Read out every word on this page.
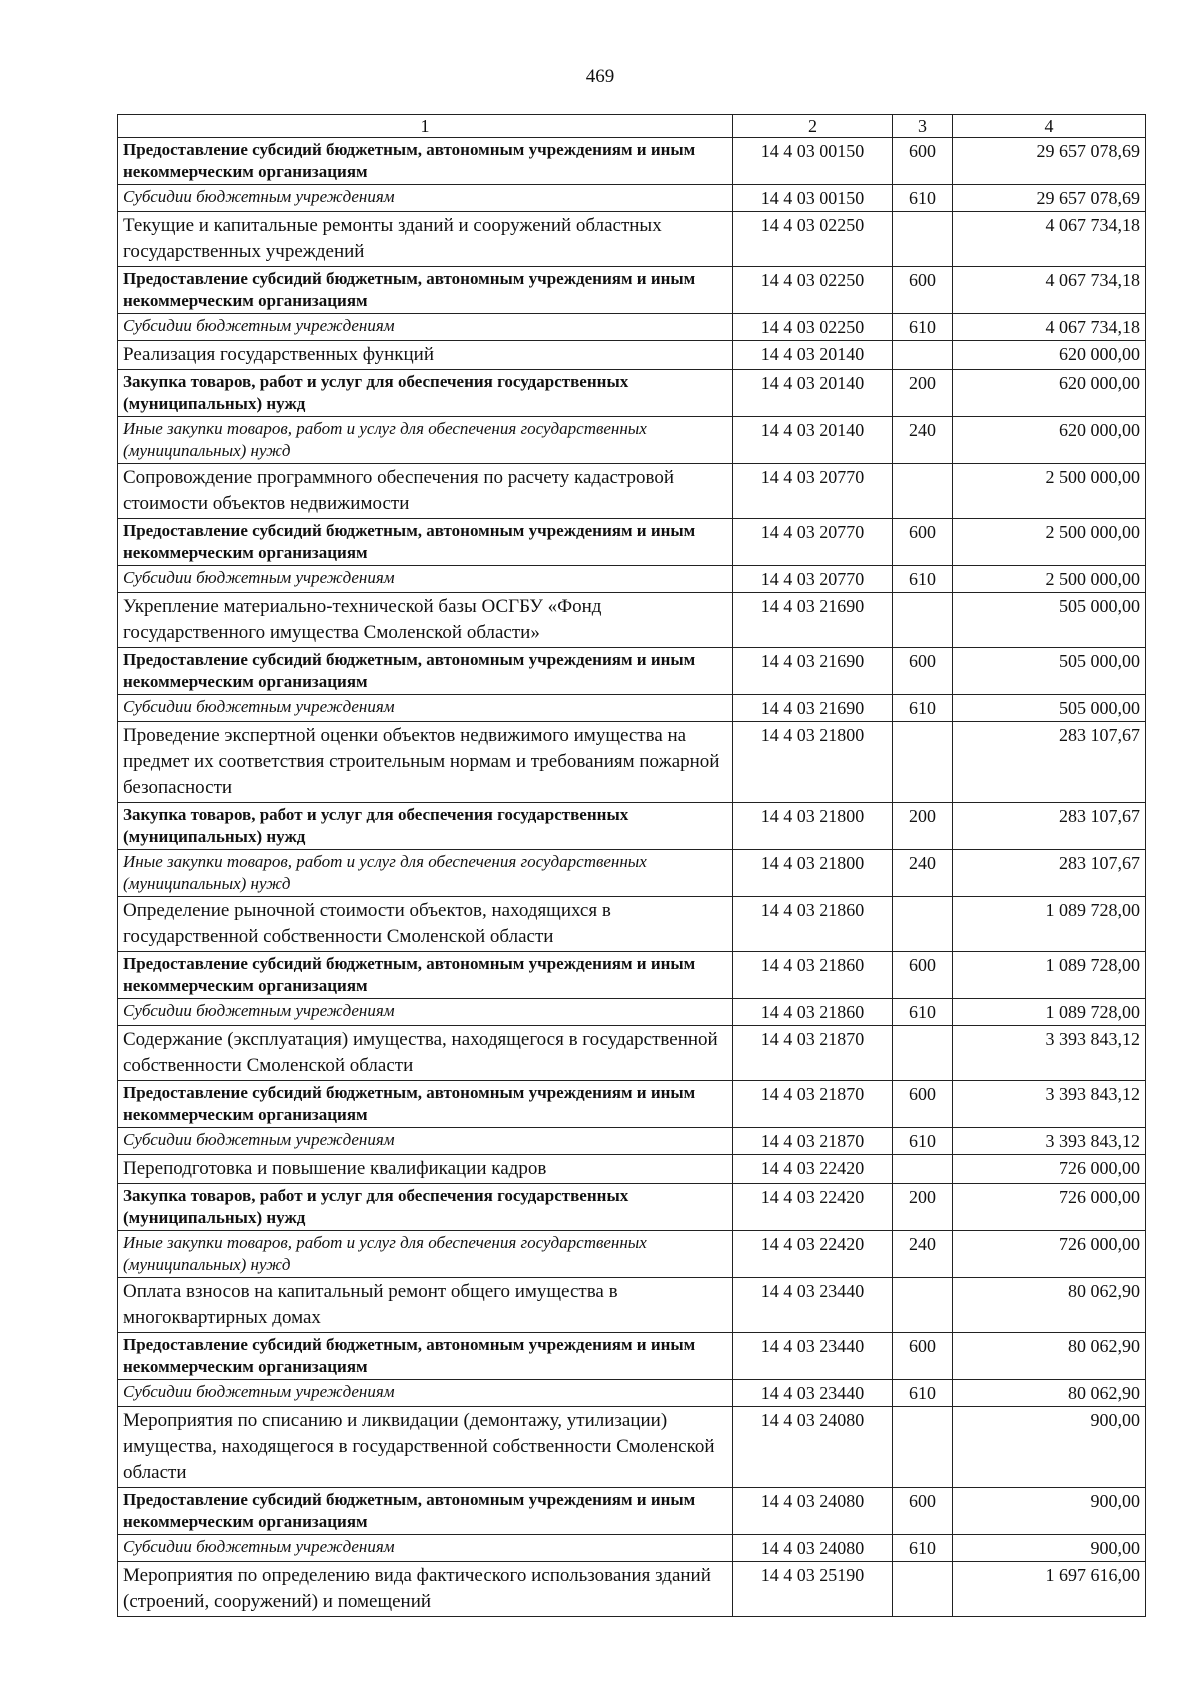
469
1	2	3	4
Предоставление субсидий бюджетным, автономным учреждениям и иным некоммерческим организациям	14 4 03 00150	600	29 657 078,69
Субсидии бюджетным учреждениям	14 4 03 00150	610	29 657 078,69
Текущие и капитальные ремонты зданий и сооружений областных государственных учреждений	14 4 03 02250		4 067 734,18
Предоставление субсидий бюджетным, автономным учреждениям и иным некоммерческим организациям	14 4 03 02250	600	4 067 734,18
Субсидии бюджетным учреждениям	14 4 03 02250	610	4 067 734,18
Реализация государственных функций	14 4 03 20140		620 000,00
Закупка товаров, работ и услуг для обеспечения государственных (муниципальных) нужд	14 4 03 20140	200	620 000,00
Иные закупки товаров, работ и услуг для обеспечения государственных (муниципальных) нужд	14 4 03 20140	240	620 000,00
Сопровождение программного обеспечения по расчету кадастровой стоимости объектов недвижимости	14 4 03 20770		2 500 000,00
Предоставление субсидий бюджетным, автономным учреждениям и иным некоммерческим организациям	14 4 03 20770	600	2 500 000,00
Субсидии бюджетным учреждениям	14 4 03 20770	610	2 500 000,00
Укрепление материально-технической базы ОСГБУ «Фонд государственного имущества Смоленской области»	14 4 03 21690		505 000,00
Предоставление субсидий бюджетным, автономным учреждениям и иным некоммерческим организациям	14 4 03 21690	600	505 000,00
Субсидии бюджетным учреждениям	14 4 03 21690	610	505 000,00
Проведение экспертной оценки объектов недвижимого имущества на предмет их соответствия строительным нормам и требованиям пожарной безопасности	14 4 03 21800		283 107,67
Закупка товаров, работ и услуг для обеспечения государственных (муниципальных) нужд	14 4 03 21800	200	283 107,67
Иные закупки товаров, работ и услуг для обеспечения государственных (муниципальных) нужд	14 4 03 21800	240	283 107,67
Определение рыночной стоимости объектов, находящихся в государственной собственности Смоленской области	14 4 03 21860		1 089 728,00
Предоставление субсидий бюджетным, автономным учреждениям и иным некоммерческим организациям	14 4 03 21860	600	1 089 728,00
Субсидии бюджетным учреждениям	14 4 03 21860	610	1 089 728,00
Содержание (эксплуатация) имущества, находящегося в государственной собственности Смоленской области	14 4 03 21870		3 393 843,12
Предоставление субсидий бюджетным, автономным учреждениям и иным некоммерческим организациям	14 4 03 21870	600	3 393 843,12
Субсидии бюджетным учреждениям	14 4 03 21870	610	3 393 843,12
Переподготовка и повышение квалификации кадров	14 4 03 22420		726 000,00
Закупка товаров, работ и услуг для обеспечения государственных (муниципальных) нужд	14 4 03 22420	200	726 000,00
Иные закупки товаров, работ и услуг для обеспечения государственных (муниципальных) нужд	14 4 03 22420	240	726 000,00
Оплата взносов на капитальный ремонт общего имущества в многоквартирных домах	14 4 03 23440		80 062,90
Предоставление субсидий бюджетным, автономным учреждениям и иным некоммерческим организациям	14 4 03 23440	600	80 062,90
Субсидии бюджетным учреждениям	14 4 03 23440	610	80 062,90
Мероприятия по списанию и ликвидации (демонтажу, утилизации) имущества, находящегося в государственной собственности Смоленской области	14 4 03 24080		900,00
Предоставление субсидий бюджетным, автономным учреждениям и иным некоммерческим организациям	14 4 03 24080	600	900,00
Субсидии бюджетным учреждениям	14 4 03 24080	610	900,00
Мероприятия по определению вида фактического использования зданий (строений, сооружений) и помещений	14 4 03 25190		1 697 616,00
